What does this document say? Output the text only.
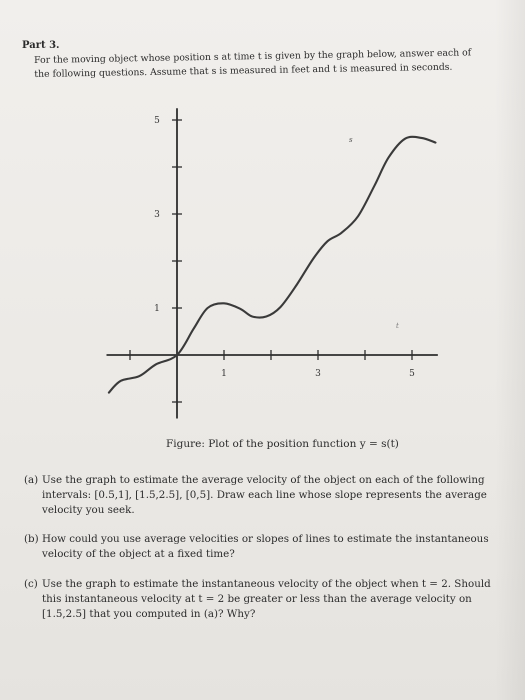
Part 3.
For the moving object whose position s at time t is given by the graph below, answer each of the following questions. Assume that s is measured in feet and t is measured in seconds.
1	3	5
5
3
1
s
t
Figure: Plot of the position function y = s(t)
(a) Use the graph to estimate the average velocity of the object on each of the following intervals: [0.5,1], [1.5,2.5], [0,5]. Draw each line whose slope represents the average velocity you seek.
(b) How could you use average velocities or slopes of lines to estimate the instantaneous velocity of the object at a fixed time?
(c) Use the graph to estimate the instantaneous velocity of the object when t = 2. Should this instantaneous velocity at t = 2 be greater or less than the average velocity on [1.5,2.5] that you computed in (a)? Why?
